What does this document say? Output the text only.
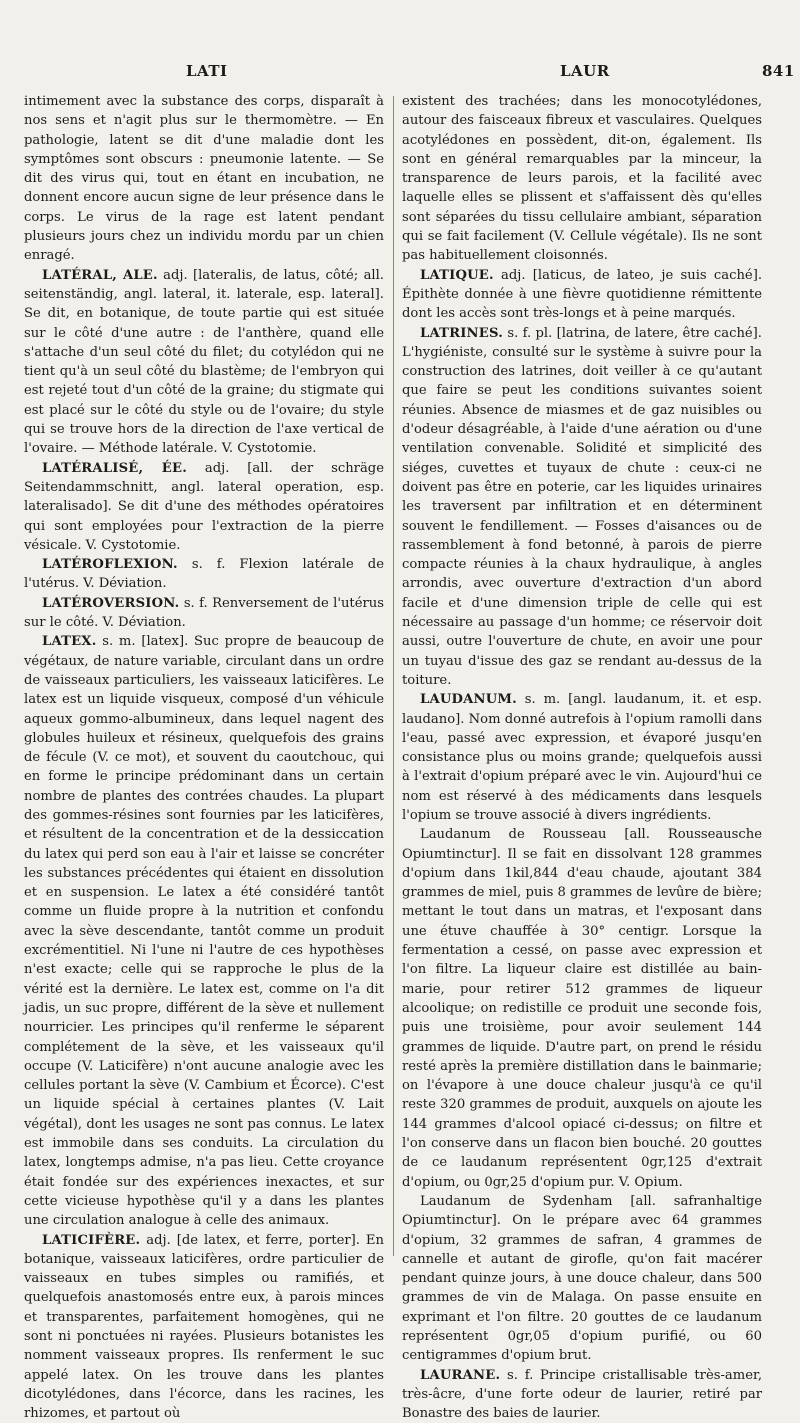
LATI	LAUR	841

intimement avec la substance des corps, disparaît à nos sens et n'agit plus sur le thermomètre. — En pathologie, latent se dit d'une maladie dont les symptômes sont obscurs : pneumonie latente. — Se dit des virus qui, tout en étant en incubation, ne donnent encore aucun signe de leur présence dans le corps. Le virus de la rage est latent pendant plusieurs jours chez un individu mordu par un chien enragé.

LATÉRAL, ALE. adj. [lateralis, de latus, côté; all. seitenständig, angl. lateral, it. laterale, esp. lateral]. Se dit, en botanique, de toute partie qui est située sur le côté d'une autre : de l'anthère, quand elle s'attache d'un seul côté du filet; du cotylédon qui ne tient qu'à un seul côté du blastème; de l'embryon qui est rejeté tout d'un côté de la graine; du stigmate qui est placé sur le côté du style ou de l'ovaire; du style qui se trouve hors de la direction de l'axe vertical de l'ovaire. — Méthode latérale. V. Cystotomie.

LATÉRALISÉ, ÉE. adj. [all. der schräge Seitendammschnitt, angl. lateral operation, esp. lateralisado]. Se dit d'une des méthodes opératoires qui sont employées pour l'extraction de la pierre vésicale. V. Cystotomie.

LATÉROFLEXION. s. f. Flexion latérale de l'utérus. V. Déviation.

LATÉROVERSION. s. f. Renversement de l'utérus sur le côté. V. Déviation.

LATEX. s. m. [latex]. Suc propre de beaucoup de végétaux, de nature variable, circulant dans un ordre de vaisseaux particuliers, les vaisseaux laticifères. Le latex est un liquide visqueux, composé d'un véhicule aqueux gommo-albumineux, dans lequel nagent des globules huileux et résineux, quelquefois des grains de fécule (V. ce mot), et souvent du caoutchouc, qui en forme le principe prédominant dans un certain nombre de plantes des contrées chaudes. La plupart des gommes-résines sont fournies par les laticifères, et résultent de la concentration et de la dessiccation du latex qui perd son eau à l'air et laisse se concréter les substances précédentes qui étaient en dissolution et en suspension. Le latex a été considéré tantôt comme un fluide propre à la nutrition et confondu avec la sève descendante, tantôt comme un produit excrémentitiel. Ni l'une ni l'autre de ces hypothèses n'est exacte; celle qui se rapproche le plus de la vérité est la dernière. Le latex est, comme on l'a dit jadis, un suc propre, différent de la sève et nullement nourricier. Les principes qu'il renferme le séparent complétement de la sève, et les vaisseaux qu'il occupe (V. Laticifère) n'ont aucune analogie avec les cellules portant la sève (V. Cambium et Écorce). C'est un liquide spécial à certaines plantes (V. Lait végétal), dont les usages ne sont pas connus. Le latex est immobile dans ses conduits. La circulation du latex, longtemps admise, n'a pas lieu. Cette croyance était fondée sur des expériences inexactes, et sur cette vicieuse hypothèse qu'il y a dans les plantes une circulation analogue à celle des animaux.

LATICIFÈRE. adj. [de latex, et ferre, porter]. En botanique, vaisseaux laticifères, ordre particulier de vaisseaux en tubes simples ou ramifiés, et quelquefois anastomosés entre eux, à parois minces et transparentes, parfaitement homogènes, qui ne sont ni ponctuées ni rayées. Plusieurs botanistes les nomment vaisseaux propres. Ils renferment le suc appelé latex. On les trouve dans les plantes dicotylédones, dans l'écorce, dans les racines, les rhizomes, et partout où

existent des trachées; dans les monocotylédones, autour des faisceaux fibreux et vasculaires. Quelques acotylédones en possèdent, dit-on, également. Ils sont en général remarquables par la minceur, la transparence de leurs parois, et la facilité avec laquelle elles se plissent et s'affaissent dès qu'elles sont séparées du tissu cellulaire ambiant, séparation qui se fait facilement (V. Cellule végétale). Ils ne sont pas habituellement cloisonnés.

LATIQUE. adj. [laticus, de lateo, je suis caché]. Épithète donnée à une fièvre quotidienne rémittente dont les accès sont très-longs et à peine marqués.

LATRINES. s. f. pl. [latrina, de latere, être caché]. L'hygiéniste, consulté sur le système à suivre pour la construction des latrines, doit veiller à ce qu'autant que faire se peut les conditions suivantes soient réunies. Absence de miasmes et de gaz nuisibles ou d'odeur désagréable, à l'aide d'une aération ou d'une ventilation convenable. Solidité et simplicité des siéges, cuvettes et tuyaux de chute : ceux-ci ne doivent pas être en poterie, car les liquides urinaires les traversent par infiltration et en déterminent souvent le fendillement. — Fosses d'aisances ou de rassemblement à fond betonné, à parois de pierre compacte réunies à la chaux hydraulique, à angles arrondis, avec ouverture d'extraction d'un abord facile et d'une dimension triple de celle qui est nécessaire au passage d'un homme; ce réservoir doit aussi, outre l'ouverture de chute, en avoir une pour un tuyau d'issue des gaz se rendant au-dessus de la toiture.

LAUDANUM. s. m. [angl. laudanum, it. et esp. laudano]. Nom donné autrefois à l'opium ramolli dans l'eau, passé avec expression, et évaporé jusqu'en consistance plus ou moins grande; quelquefois aussi à l'extrait d'opium préparé avec le vin. Aujourd'hui ce nom est réservé à des médicaments dans lesquels l'opium se trouve associé à divers ingrédients.

Laudanum de Rousseau [all. Rousseausche Opiumtinctur]. Il se fait en dissolvant 128 grammes d'opium dans 1kil,844 d'eau chaude, ajoutant 384 grammes de miel, puis 8 grammes de levûre de bière; mettant le tout dans un matras, et l'exposant dans une étuve chauffée à 30° centigr. Lorsque la fermentation a cessé, on passe avec expression et l'on filtre. La liqueur claire est distillée au bain-marie, pour retirer 512 grammes de liqueur alcoolique; on redistille ce produit une seconde fois, puis une troisième, pour avoir seulement 144 grammes de liquide. D'autre part, on prend le résidu resté après la première distillation dans le bainmarie; on l'évapore à une douce chaleur jusqu'à ce qu'il reste 320 grammes de produit, auxquels on ajoute les 144 grammes d'alcool opiacé ci-dessus; on filtre et l'on conserve dans un flacon bien bouché. 20 gouttes de ce laudanum représentent 0gr,125 d'extrait d'opium, ou 0gr,25 d'opium pur. V. Opium.

Laudanum de Sydenham [all. safranhaltige Opiumtinctur]. On le prépare avec 64 grammes d'opium, 32 grammes de safran, 4 grammes de cannelle et autant de girofle, qu'on fait macérer pendant quinze jours, à une douce chaleur, dans 500 grammes de vin de Malaga. On passe ensuite en exprimant et l'on filtre. 20 gouttes de ce laudanum représentent 0gr,05 d'opium purifié, ou 60 centigrammes d'opium brut.

LAURANE. s. f. Principe cristallisable très-amer, très-âcre, d'une forte odeur de laurier, retiré par Bonastre des baies de laurier.
